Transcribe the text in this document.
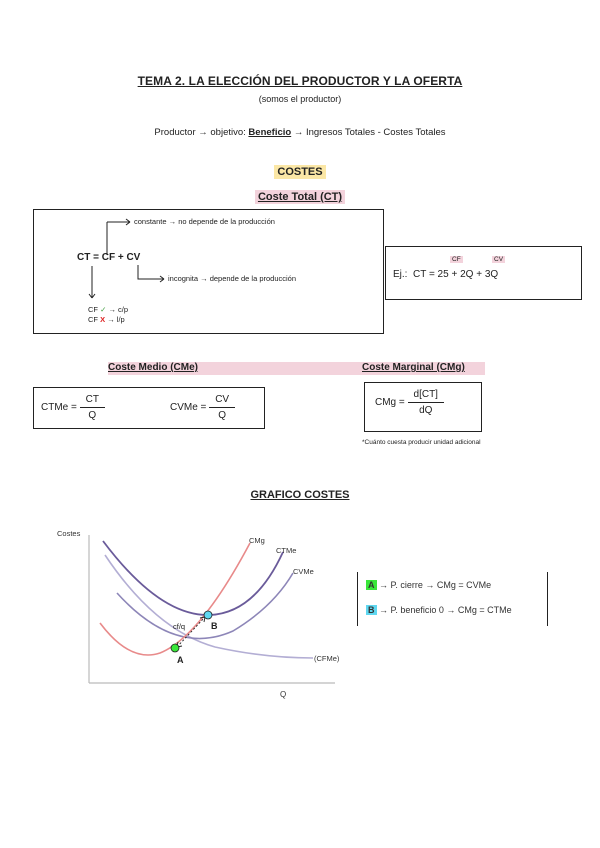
TEMA 2. LA ELECCIÓN DEL PRODUCTOR Y LA OFERTA
(somos el productor)
Productor → objetivo: Beneficio → Ingresos Totales - Costes Totales
COSTES
Coste Total (CT)
constante → no depende de la producción
CT = CF + CV
incognita → depende de la producción
CF ✓ → c/p
CF X → l/p
CF	CV
Ej.: CT = 25 + 2Q + 3Q
Coste Medio (CMe)	Coste Marginal (CMg)
CTMe = $\frac{CT}{Q}$	CVMe = $\frac{CV}{Q}$	CMg = $\frac{d[CT]}{dQ}$
*Cuánto cuesta producir unidad adicional
GRAFICO COSTES
Costes
Q
CMg
CTMe
CVMe
(CFMe)
A
B
cf/q
A → P. cierre → CMg = CVMe
B → P. beneficio 0 → CMg = CTMe
